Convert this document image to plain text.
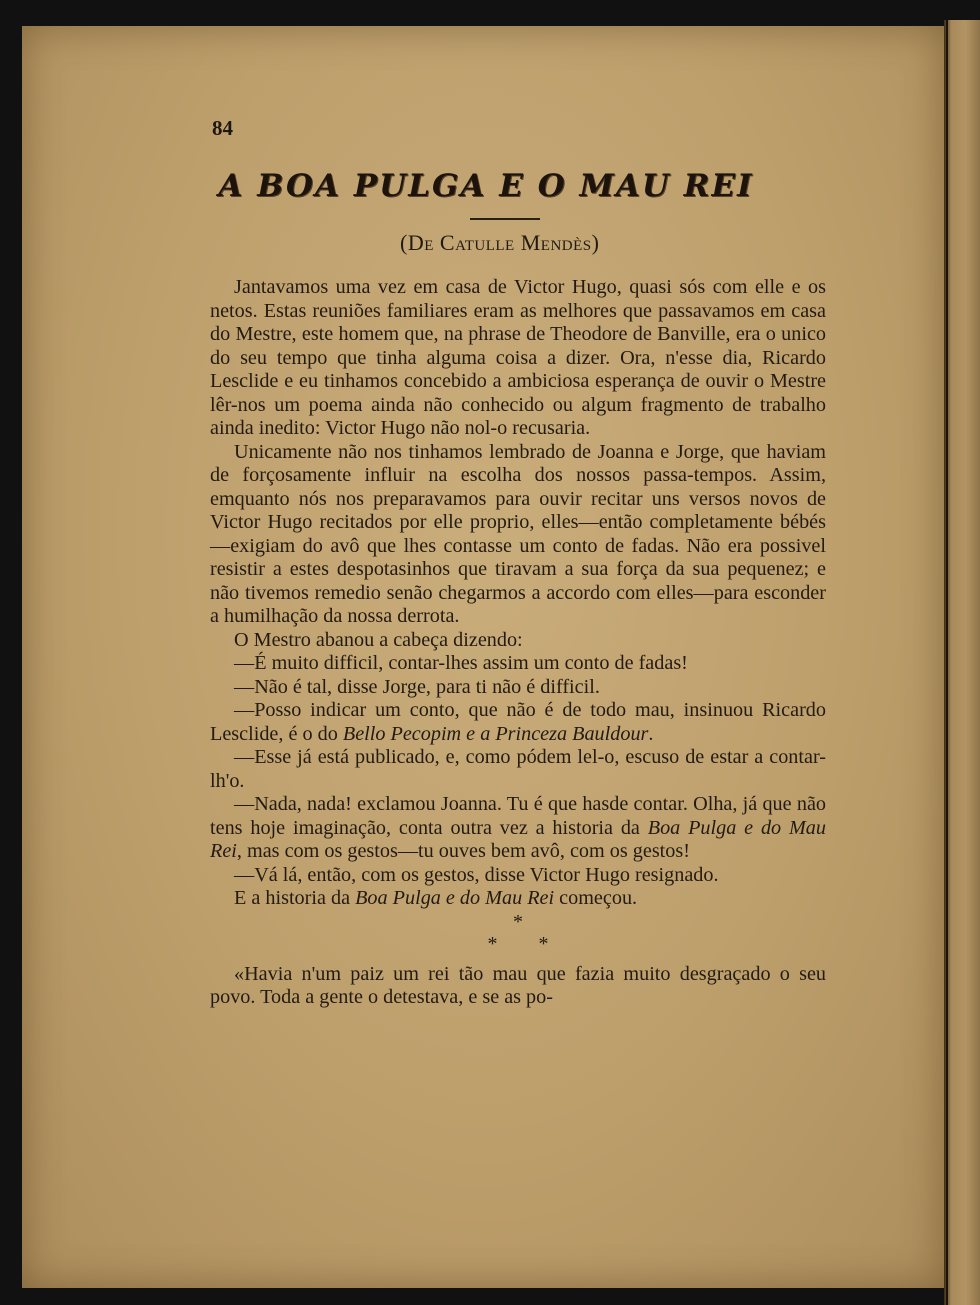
84
A BOA PULGA E O MAU REI
(De Catulle Mendès)

Jantavamos uma vez em casa de Victor Hugo, quasi sós com elle e os netos. Estas reuniões familiares eram as melhores que passavamos em casa do Mestre, este homem que, na phrase de Theodore de Banville, era o unico do seu tempo que tinha alguma coisa a dizer. Ora, n'esse dia, Ricardo Lesclide e eu tinhamos concebido a ambiciosa esperança de ouvir o Mestre lêr-nos um poema ainda não conhecido ou algum fragmento de trabalho ainda inedito: Victor Hugo não nol-o recusaria.

Unicamente não nos tinhamos lembrado de Joanna e Jorge, que haviam de forçosamente influir na escolha dos nossos passa-tempos. Assim, emquanto nós nos preparavamos para ouvir recitar uns versos novos de Victor Hugo recitados por elle proprio, elles—então completamente bébés—exigiam do avô que lhes contasse um conto de fadas. Não era possivel resistir a estes despotasinhos que tiravam a sua força da sua pequenez; e não tivemos remedio senão chegarmos a accordo com elles—para esconder a humilhação da nossa derrota.

O Mestro abanou a cabeça dizendo:

—É muito difficil, contar-lhes assim um conto de fadas!

—Não é tal, disse Jorge, para ti não é difficil.

—Posso indicar um conto, que não é de todo mau, insinuou Ricardo Lesclide, é o do Bello Pecopim e a Princeza Bauldour.

—Esse já está publicado, e, como pódem lel-o, escuso de estar a contar-lh'o.

—Nada, nada! exclamou Joanna. Tu é que hasde contar. Olha, já que não tens hoje imaginação, conta outra vez a historia da Boa Pulga e do Mau Rei, mas com os gestos—tu ouves bem avô, com os gestos!

—Vá lá, então, com os gestos, disse Victor Hugo resignado.

E a historia da Boa Pulga e do Mau Rei começou.

*

* *

«Havia n'um paiz um rei tão mau que fazia muito desgraçado o seu povo. Toda a gente o detestava, e se as po-
